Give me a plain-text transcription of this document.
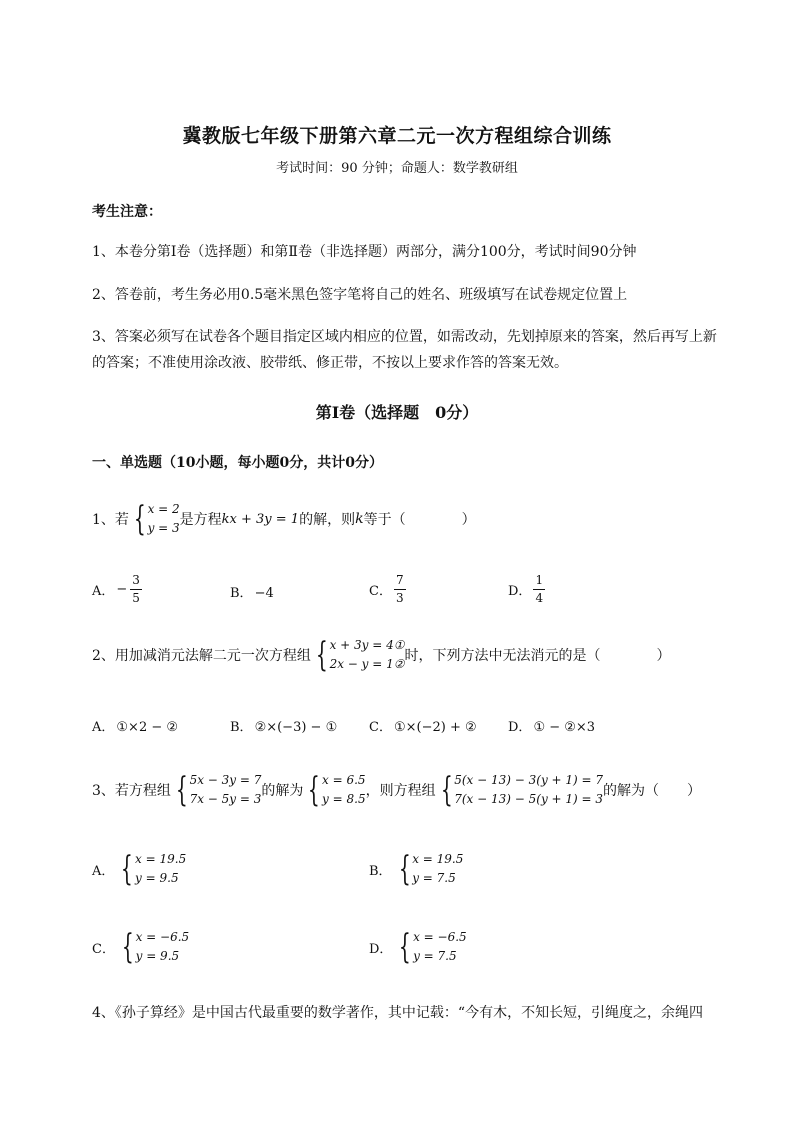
冀教版七年级下册第六章二元一次方程组综合训练
考试时间：90 分钟；命题人：数学教研组
考生注意：
1、本卷分第Ⅰ卷（选择题）和第Ⅱ卷（非选择题）两部分，满分100分，考试时间90分钟
2、答卷前，考生务必用0.5毫米黑色签字笔将自己的姓名、班级填写在试卷规定位置上
3、答案必须写在试卷各个题目指定区域内相应的位置，如需改动，先划掉原来的答案，然后再写上新
的答案；不准使用涂改液、胶带纸、修正带，不按以上要求作答的答案无效。
第Ⅰ卷（选择题　0分）
一、单选题（10小题，每小题0分，共计0分）
1、若 { x = 2
y = 3 是方程 kx + 3y = 1 的解，则 k 等于（　　　　）
A． − $\frac{3}{5}$	B． −4	C． $\frac{7}{3}$	D． $\frac{1}{4}$
2、用加减消元法解二元一次方程组 { x + 3y = 4①
2x − y = 1② 时，下列方法中无法消元的是（　　　　）
A． ①×2 − ②	B． ②×(−3) − ① C． ①×(−2) + ② D． ① − ②×3
3、若方程组 { 5x − 3y = 7
7x − 5y = 3 的解为 { x = 6.5
y = 8.5 ，则方程组 { 5(x − 13) − 3(y + 1) = 7
7(x − 13) − 5(y + 1) = 3 的解为（　　）
A． { x = 19.5
y = 9.5	B． { x = 19.5
y = 7.5
C． { x = −6.5
y = 9.5	D． { x = −6.5
y = 7.5
4、《孙子算经》是中国古代最重要的数学著作，其中记载：“今有木，不知长短，引绳度之，余绳四
